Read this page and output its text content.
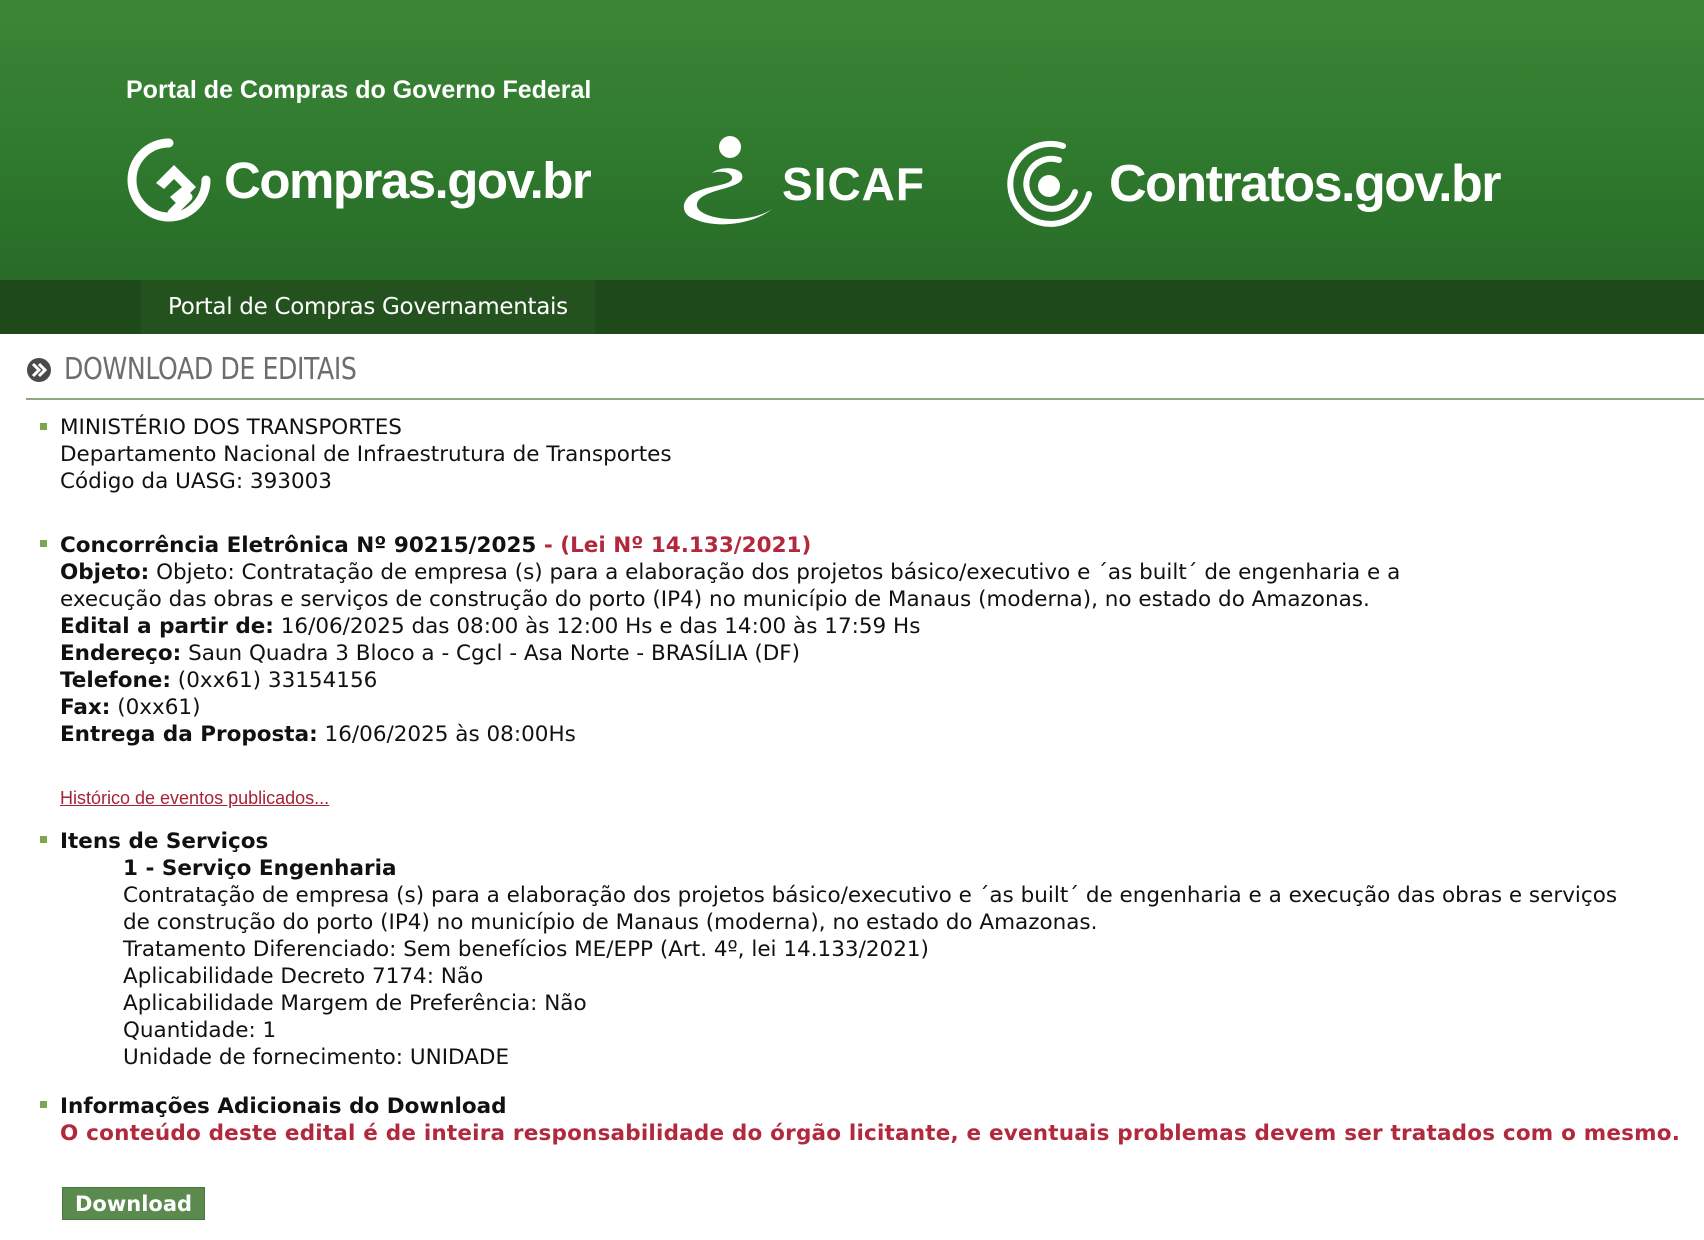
Portal de Compras do Governo Federal
Compras.gov.br	SICAF	Contratos.gov.br
Portal de Compras Governamentais
DOWNLOAD DE EDITAIS
MINISTÉRIO DOS TRANSPORTES
Departamento Nacional de Infraestrutura de Transportes
Código da UASG: 393003
Concorrência Eletrônica Nº 90215/2025 - (Lei Nº 14.133/2021)
Objeto: Objeto: Contratação de empresa (s) para a elaboração dos projetos básico/executivo e ´as built´ de engenharia e a
execução das obras e serviços de construção do porto (IP4) no município de Manaus (moderna), no estado do Amazonas.
Edital a partir de: 16/06/2025 das 08:00 às 12:00 Hs e das 14:00 às 17:59 Hs
Endereço: Saun Quadra 3 Bloco a - Cgcl - Asa Norte - BRASÍLIA (DF)
Telefone: (0xx61) 33154156
Fax: (0xx61)
Entrega da Proposta: 16/06/2025 às 08:00Hs
Histórico de eventos publicados...
Itens de Serviços
1 - Serviço Engenharia
Contratação de empresa (s) para a elaboração dos projetos básico/executivo e ´as built´ de engenharia e a execução das obras e serviços
de construção do porto (IP4) no município de Manaus (moderna), no estado do Amazonas.
Tratamento Diferenciado: Sem benefícios ME/EPP (Art. 4º, lei 14.133/2021)
Aplicabilidade Decreto 7174: Não
Aplicabilidade Margem de Preferência: Não
Quantidade: 1
Unidade de fornecimento: UNIDADE
Informações Adicionais do Download
O conteúdo deste edital é de inteira responsabilidade do órgão licitante, e eventuais problemas devem ser tratados com o mesmo.
Download
